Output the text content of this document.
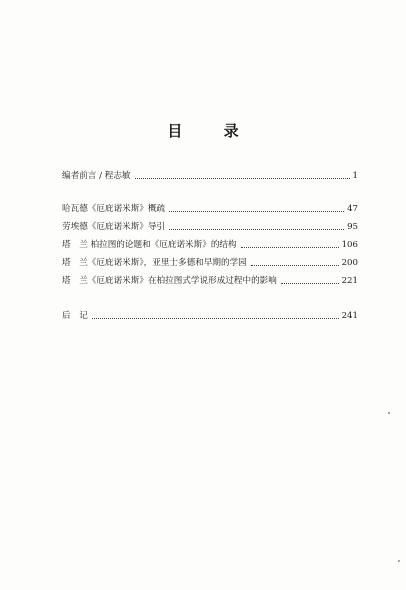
目 录
编者前言 / 程志敏	1
哈瓦德《厄庇诺米斯》概疏	47
劳埃德《厄庇诺米斯》导引	95
塔　兰 柏拉图的论题和《厄庇诺米斯》的结构	106
塔　兰《厄庇诺米斯》，亚里士多德和早期的学园	200
塔　兰《厄庇诺米斯》在柏拉图式学说形成过程中的影响	221
后　记	241
